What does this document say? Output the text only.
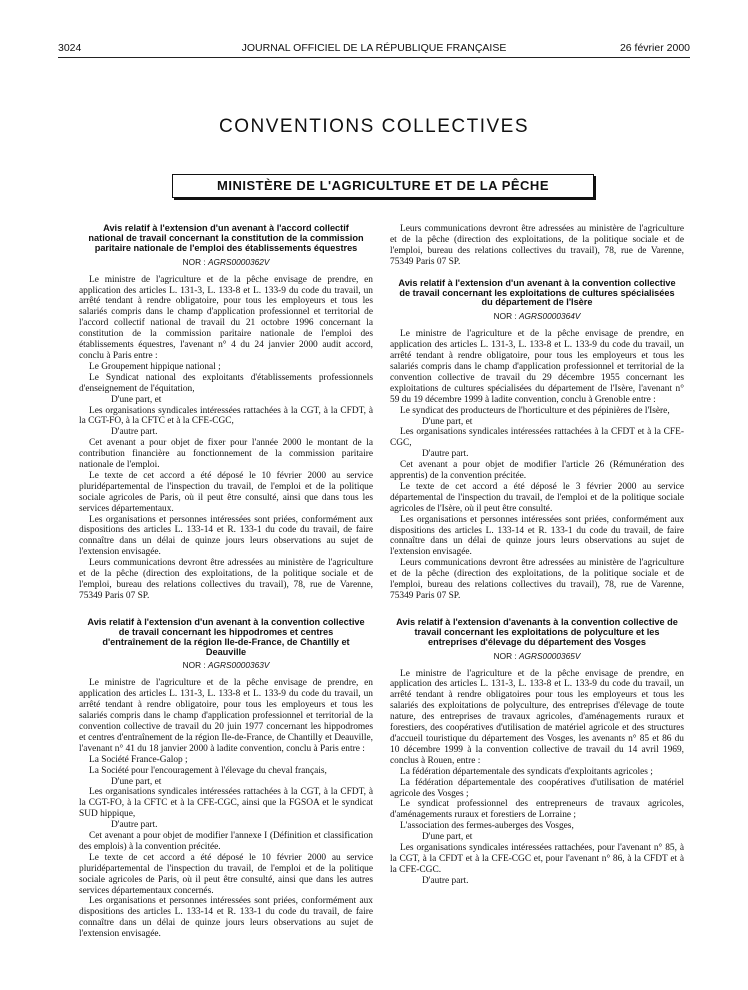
3024	JOURNAL OFFICIEL DE LA RÉPUBLIQUE FRANÇAISE	26 février 2000
CONVENTIONS COLLECTIVES
MINISTÈRE DE L'AGRICULTURE ET DE LA PÊCHE
Avis relatif à l'extension d'un avenant à l'accord collectif national de travail concernant la constitution de la commission paritaire nationale de l'emploi des établissements équestres
NOR : AGRS0000362V

Le ministre de l'agriculture et de la pêche envisage de prendre, en application des articles L. 131-3, L. 133-8 et L. 133-9 du code du travail, un arrêté tendant à rendre obligatoire, pour tous les employeurs et tous les salariés compris dans le champ d'application professionnel et territorial de l'accord collectif national de travail du 21 octobre 1996 concernant la constitution de la commission paritaire nationale de l'emploi des établissements équestres, l'avenant n° 4 du 24 janvier 2000 audit accord, conclu à Paris entre :

Le Groupement hippique national ;

Le Syndicat national des exploitants d'établissements professionnels d'enseignement de l'équitation,

D'une part, et

Les organisations syndicales intéressées rattachées à la CGT, à la CFDT, à la CGT-FO, à la CFTC et à la CFE-CGC,

D'autre part.

Cet avenant a pour objet de fixer pour l'année 2000 le montant de la contribution financière au fonctionnement de la commission paritaire nationale de l'emploi.

Le texte de cet accord a été déposé le 10 février 2000 au service pluridépartemental de l'inspection du travail, de l'emploi et de la politique sociale agricoles de Paris, où il peut être consulté, ainsi que dans tous les services départementaux.

Les organisations et personnes intéressées sont priées, conformément aux dispositions des articles L. 133-14 et R. 133-1 du code du travail, de faire connaître dans un délai de quinze jours leurs observations au sujet de l'extension envisagée.

Leurs communications devront être adressées au ministère de l'agriculture et de la pêche (direction des exploitations, de la politique sociale et de l'emploi, bureau des relations collectives du travail), 78, rue de Varenne, 75349 Paris 07 SP.

Avis relatif à l'extension d'un avenant à la convention collective de travail concernant les hippodromes et centres d'entraînement de la région Ile-de-France, de Chantilly et Deauville
NOR : AGRS0000363V

Le ministre de l'agriculture et de la pêche envisage de prendre, en application des articles L. 131-3, L. 133-8 et L. 133-9 du code du travail, un arrêté tendant à rendre obligatoire, pour tous les employeurs et tous les salariés compris dans le champ d'application professionnel et territorial de la convention collective de travail du 20 juin 1977 concernant les hippodromes et centres d'entraînement de la région Ile-de-France, de Chantilly et Deauville, l'avenant n° 41 du 18 janvier 2000 à ladite convention, conclu à Paris entre :

La Société France-Galop ;

La Société pour l'encouragement à l'élevage du cheval français,

D'une part, et

Les organisations syndicales intéressées rattachées à la CGT, à la CFDT, à la CGT-FO, à la CFTC et à la CFE-CGC, ainsi que la FGSOA et le syndicat SUD hippique,

D'autre part.

Cet avenant a pour objet de modifier l'annexe I (Définition et classification des emplois) à la convention précitée.

Le texte de cet accord a été déposé le 10 février 2000 au service pluridépartemental de l'inspection du travail, de l'emploi et de la politique sociale agricoles de Paris, où il peut être consulté, ainsi que dans les autres services départementaux concernés.

Les organisations et personnes intéressées sont priées, conformément aux dispositions des articles L. 133-14 et R. 133-1 du code du travail, de faire connaître dans un délai de quinze jours leurs observations au sujet de l'extension envisagée.

Leurs communications devront être adressées au ministère de l'agriculture et de la pêche (direction des exploitations, de la politique sociale et de l'emploi, bureau des relations collectives du travail), 78, rue de Varenne, 75349 Paris 07 SP.

Avis relatif à l'extension d'un avenant à la convention collective de travail concernant les exploitations de cultures spécialisées du département de l'Isère
NOR : AGRS0000364V

Le ministre de l'agriculture et de la pêche envisage de prendre, en application des articles L. 131-3, L. 133-8 et L. 133-9 du code du travail, un arrêté tendant à rendre obligatoire, pour tous les employeurs et tous les salariés compris dans le champ d'application professionnel et territorial de la convention collective de travail du 29 décembre 1955 concernant les exploitations de cultures spécialisées du département de l'Isère, l'avenant n° 59 du 19 décembre 1999 à ladite convention, conclu à Grenoble entre :

Le syndicat des producteurs de l'horticulture et des pépinières de l'Isère,

D'une part, et

Les organisations syndicales intéressées rattachées à la CFDT et à la CFE-CGC,

D'autre part.

Cet avenant a pour objet de modifier l'article 26 (Rémunération des apprentis) de la convention précitée.

Le texte de cet accord a été déposé le 3 février 2000 au service départemental de l'inspection du travail, de l'emploi et de la politique sociale agricoles de l'Isère, où il peut être consulté.

Les organisations et personnes intéressées sont priées, conformément aux dispositions des articles L. 133-14 et R. 133-1 du code du travail, de faire connaître dans un délai de quinze jours leurs observations au sujet de l'extension envisagée.

Leurs communications devront être adressées au ministère de l'agriculture et de la pêche (direction des exploitations, de la politique sociale et de l'emploi, bureau des relations collectives du travail), 78, rue de Varenne, 75349 Paris 07 SP.

Avis relatif à l'extension d'avenants à la convention collective de travail concernant les exploitations de polyculture et les entreprises d'élevage du département des Vosges
NOR : AGRS0000365V

Le ministre de l'agriculture et de la pêche envisage de prendre, en application des articles L. 131-3, L. 133-8 et L. 133-9 du code du travail, un arrêté tendant à rendre obligatoires pour tous les employeurs et tous les salariés des exploitations de polyculture, des entreprises d'élevage de toute nature, des entreprises de travaux agricoles, d'aménagements ruraux et forestiers, des coopératives d'utilisation de matériel agricole et des structures d'accueil touristique du département des Vosges, les avenants n° 85 et 86 du 10 décembre 1999 à la convention collective de travail du 14 avril 1969, conclus à Rouen, entre :

La fédération départementale des syndicats d'exploitants agricoles ;

La fédération départementale des coopératives d'utilisation de matériel agricole des Vosges ;

Le syndicat professionnel des entrepreneurs de travaux agricoles, d'aménagements ruraux et forestiers de Lorraine ;

L'association des fermes-auberges des Vosges,

D'une part, et

Les organisations syndicales intéressées rattachées, pour l'avenant n° 85, à la CGT, à la CFDT et à la CFE-CGC et, pour l'avenant n° 86, à la CFDT et à la CFE-CGC.

D'autre part.
